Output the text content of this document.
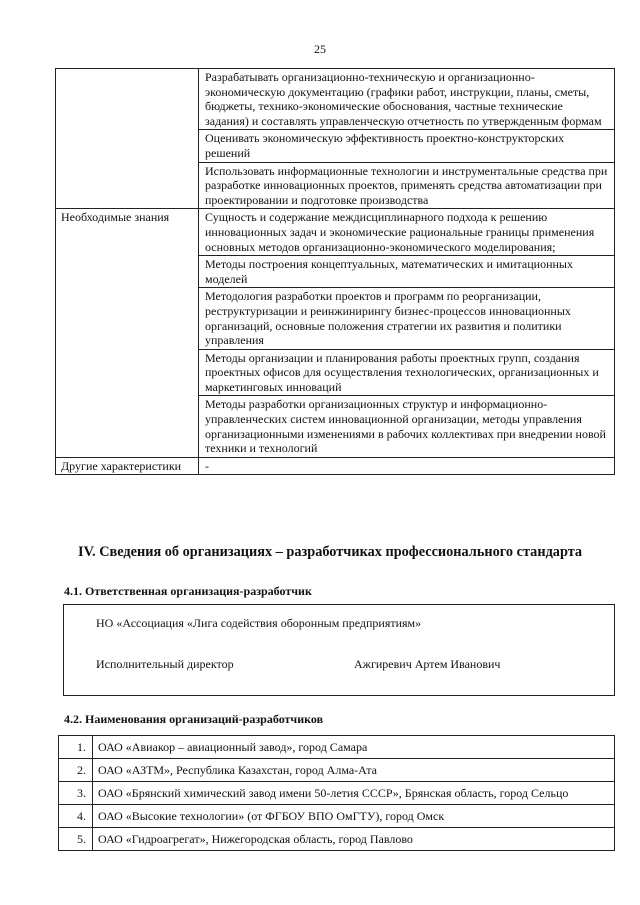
25
	Разрабатывать организационно-техническую и организационно-экономическую документацию (графики работ, инструкции, планы, сметы, бюджеты, технико-экономические обоснования, частные технические задания) и составлять управленческую отчетность по утвержденным формам
	Оценивать экономическую эффективность проектно-конструкторских решений
	Использовать информационные технологии и инструментальные средства при разработке инновационных проектов, применять средства автоматизации при проектировании и подготовке производства
Необходимые знания	Сущность и содержание междисциплинарного подхода к решению инновационных задач и экономические рациональные границы применения основных методов организационно-экономического моделирования;
	Методы построения концептуальных, математических и имитационных моделей
	Методология разработки проектов и программ по реорганизации, реструктуризации и реинжинирингу бизнес-процессов инновационных организаций, основные положения стратегии их развития и политики управления
	Методы организации и планирования работы проектных групп, создания проектных офисов для осуществления технологических, организационных и маркетинговых инноваций
	Методы разработки организационных структур и информационно-управленческих систем инновационной организации, методы управления организационными изменениями в рабочих коллективах при внедрении новой техники и технологий
Другие характеристики	-
IV. Сведения об организациях – разработчиках профессионального стандарта
4.1. Ответственная организация-разработчик
НО «Ассоциация «Лига содействия оборонным предприятиям»
Исполнительный директор	Ажгиревич Артем Иванович
4.2. Наименования организаций-разработчиков
1.	ОАО «Авиакор – авиационный завод», город Самара
2.	ОАО «АЗТМ», Республика Казахстан, город Алма-Ата
3.	ОАО «Брянский химический завод имени 50-летия СССР», Брянская область, город Сельцо
4.	ОАО «Высокие технологии» (от ФГБОУ ВПО ОмГТУ), город Омск
5.	ОАО «Гидроагрегат», Нижегородская область, город Павлово
